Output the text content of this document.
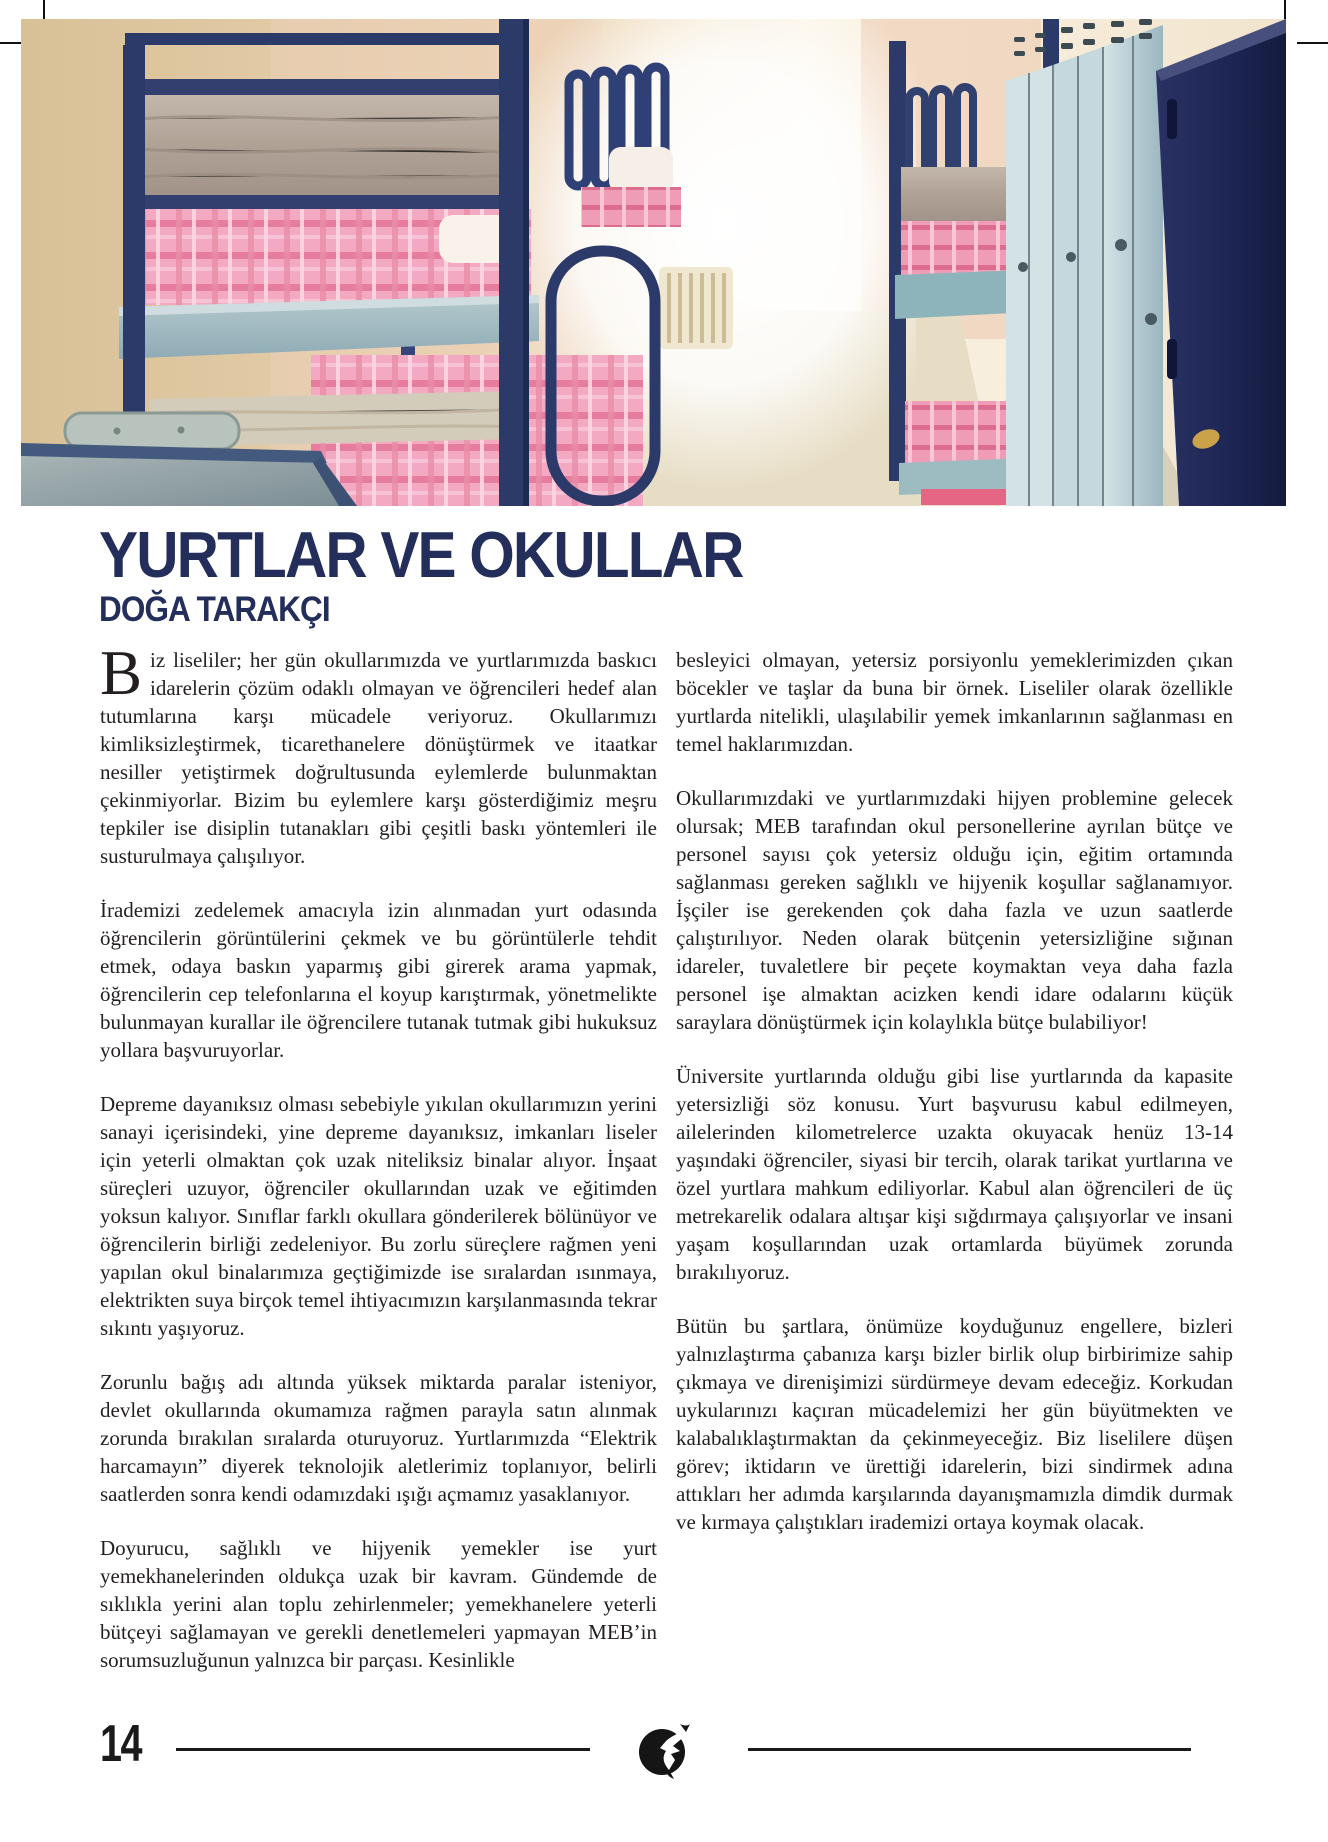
YURTLAR VE OKULLAR
DOĞA TARAKÇI

Biz liseliler; her gün okullarımızda ve yurtlarımızda baskıcı idarelerin çözüm odaklı olmayan ve öğrencileri hedef alan tutumlarına karşı mücadele veriyoruz. Okullarımızı kimliksizleştirmek, ticarethanelere dönüştürmek ve itaatkar nesiller yetiştirmek doğrultusunda eylemlerde bulunmaktan çekinmiyorlar. Bizim bu eylemlere karşı gösterdiğimiz meşru tepkiler ise disiplin tutanakları gibi çeşitli baskı yöntemleri ile susturulmaya çalışılıyor.

İrademizi zedelemek amacıyla izin alınmadan yurt odasında öğrencilerin görüntülerini çekmek ve bu görüntülerle tehdit etmek, odaya baskın yaparmış gibi girerek arama yapmak, öğrencilerin cep telefonlarına el koyup karıştırmak, yönetmelikte bulunmayan kurallar ile öğrencilere tutanak tutmak gibi hukuksuz yollara başvuruyorlar.

Depreme dayanıksız olması sebebiyle yıkılan okullarımızın yerini sanayi içerisindeki, yine depreme dayanıksız, imkanları liseler için yeterli olmaktan çok uzak niteliksiz binalar alıyor. İnşaat süreçleri uzuyor, öğrenciler okullarından uzak ve eğitimden yoksun kalıyor. Sınıflar farklı okullara gönderilerek bölünüyor ve öğrencilerin birliği zedeleniyor. Bu zorlu süreçlere rağmen yeni yapılan okul binalarımıza geçtiğimizde ise sıralardan ısınmaya, elektrikten suya birçok temel ihtiyacımızın karşılanmasında tekrar sıkıntı yaşıyoruz.

Zorunlu bağış adı altında yüksek miktarda paralar isteniyor, devlet okullarında okumamıza rağmen parayla satın alınmak zorunda bırakılan sıralarda oturuyoruz. Yurtlarımızda “Elektrik harcamayın” diyerek teknolojik aletlerimiz toplanıyor, belirli saatlerden sonra kendi odamızdaki ışığı açmamız yasaklanıyor.

Doyurucu, sağlıklı ve hijyenik yemekler ise yurt yemekhanelerinden oldukça uzak bir kavram. Gündemde de sıklıkla yerini alan toplu zehirlenmeler; yemekhanelere yeterli bütçeyi sağlamayan ve gerekli denetlemeleri yapmayan MEB’in sorumsuzluğunun yalnızca bir parçası. Kesinlikle

besleyici olmayan, yetersiz porsiyonlu yemeklerimizden çıkan böcekler ve taşlar da buna bir örnek. Liseliler olarak özellikle yurtlarda nitelikli, ulaşılabilir yemek imkanlarının sağlanması en temel haklarımızdan.

Okullarımızdaki ve yurtlarımızdaki hijyen problemine gelecek olursak; MEB tarafından okul personellerine ayrılan bütçe ve personel sayısı çok yetersiz olduğu için, eğitim ortamında sağlanması gereken sağlıklı ve hijyenik koşullar sağlanamıyor. İşçiler ise gerekenden çok daha fazla ve uzun saatlerde çalıştırılıyor. Neden olarak bütçenin yetersizliğine sığınan idareler, tuvaletlere bir peçete koymaktan veya daha fazla personel işe almaktan acizken kendi idare odalarını küçük saraylara dönüştürmek için kolaylıkla bütçe bulabiliyor!

Üniversite yurtlarında olduğu gibi lise yurtlarında da kapasite yetersizliği söz konusu. Yurt başvurusu kabul edilmeyen, ailelerinden kilometrelerce uzakta okuyacak henüz 13-14 yaşındaki öğrenciler, siyasi bir tercih, olarak tarikat yurtlarına ve özel yurtlara mahkum ediliyorlar. Kabul alan öğrencileri de üç metrekarelik odalara altışar kişi sığdırmaya çalışıyorlar ve insani yaşam koşullarından uzak ortamlarda büyümek zorunda bırakılıyoruz.

Bütün bu şartlara, önümüze koyduğunuz engellere, bizleri yalnızlaştırma çabanıza karşı bizler birlik olup birbirimize sahip çıkmaya ve direnişimizi sürdürmeye devam edeceğiz. Korkudan uykularınızı kaçıran mücadelemizi her gün büyütmekten ve kalabalıklaştırmaktan da çekinmeyeceğiz. Biz liselilere düşen görev; iktidarın ve ürettiği idarelerin, bizi sindirmek adına attıkları her adımda karşılarında dayanışmamızla dimdik durmak ve kırmaya çalıştıkları irademizi ortaya koymak olacak.

14
